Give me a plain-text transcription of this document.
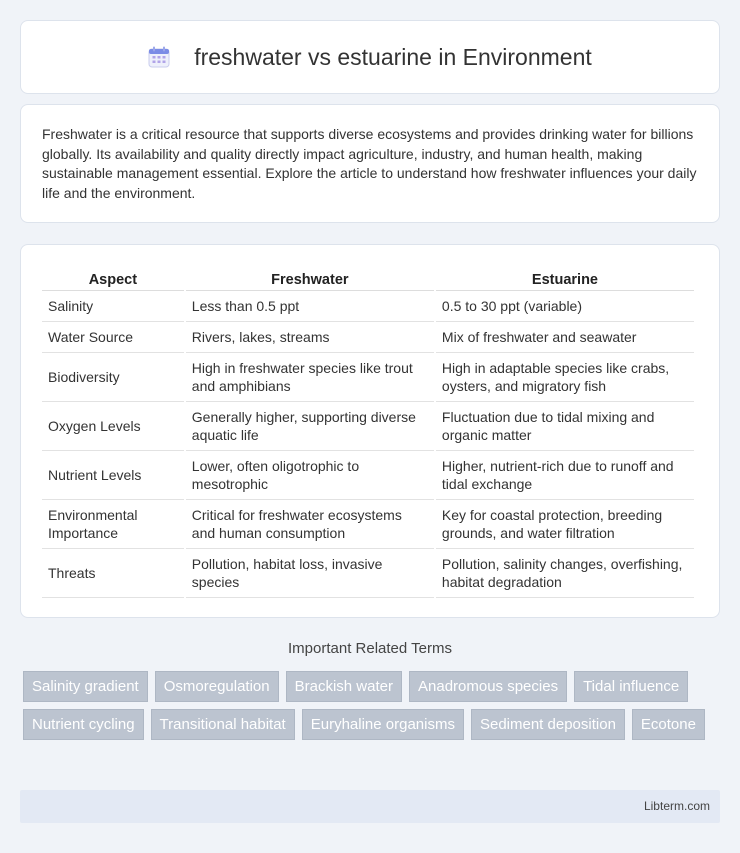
freshwater vs estuarine in Environment

Freshwater is a critical resource that supports diverse ecosystems and provides drinking water for billions globally. Its availability and quality directly impact agriculture, industry, and human health, making sustainable management essential. Explore the article to understand how freshwater influences your daily life and the environment.

Aspect	Freshwater	Estuarine
Salinity	Less than 0.5 ppt	0.5 to 30 ppt (variable)
Water Source	Rivers, lakes, streams	Mix of freshwater and seawater
Biodiversity	High in freshwater species like trout and amphibians	High in adaptable species like crabs, oysters, and migratory fish
Oxygen Levels	Generally higher, supporting diverse aquatic life	Fluctuation due to tidal mixing and organic matter
Nutrient Levels	Lower, often oligotrophic to mesotrophic	Higher, nutrient-rich due to runoff and tidal exchange
Environmental Importance	Critical for freshwater ecosystems and human consumption	Key for coastal protection, breeding grounds, and water filtration
Threats	Pollution, habitat loss, invasive species	Pollution, salinity changes, overfishing, habitat degradation
Important Related Terms
Salinity gradient	Osmoregulation	Brackish water	Anadromous species	Tidal influence
Nutrient cycling	Transitional habitat	Euryhaline organisms	Sediment deposition	Ecotone
Libterm.com
